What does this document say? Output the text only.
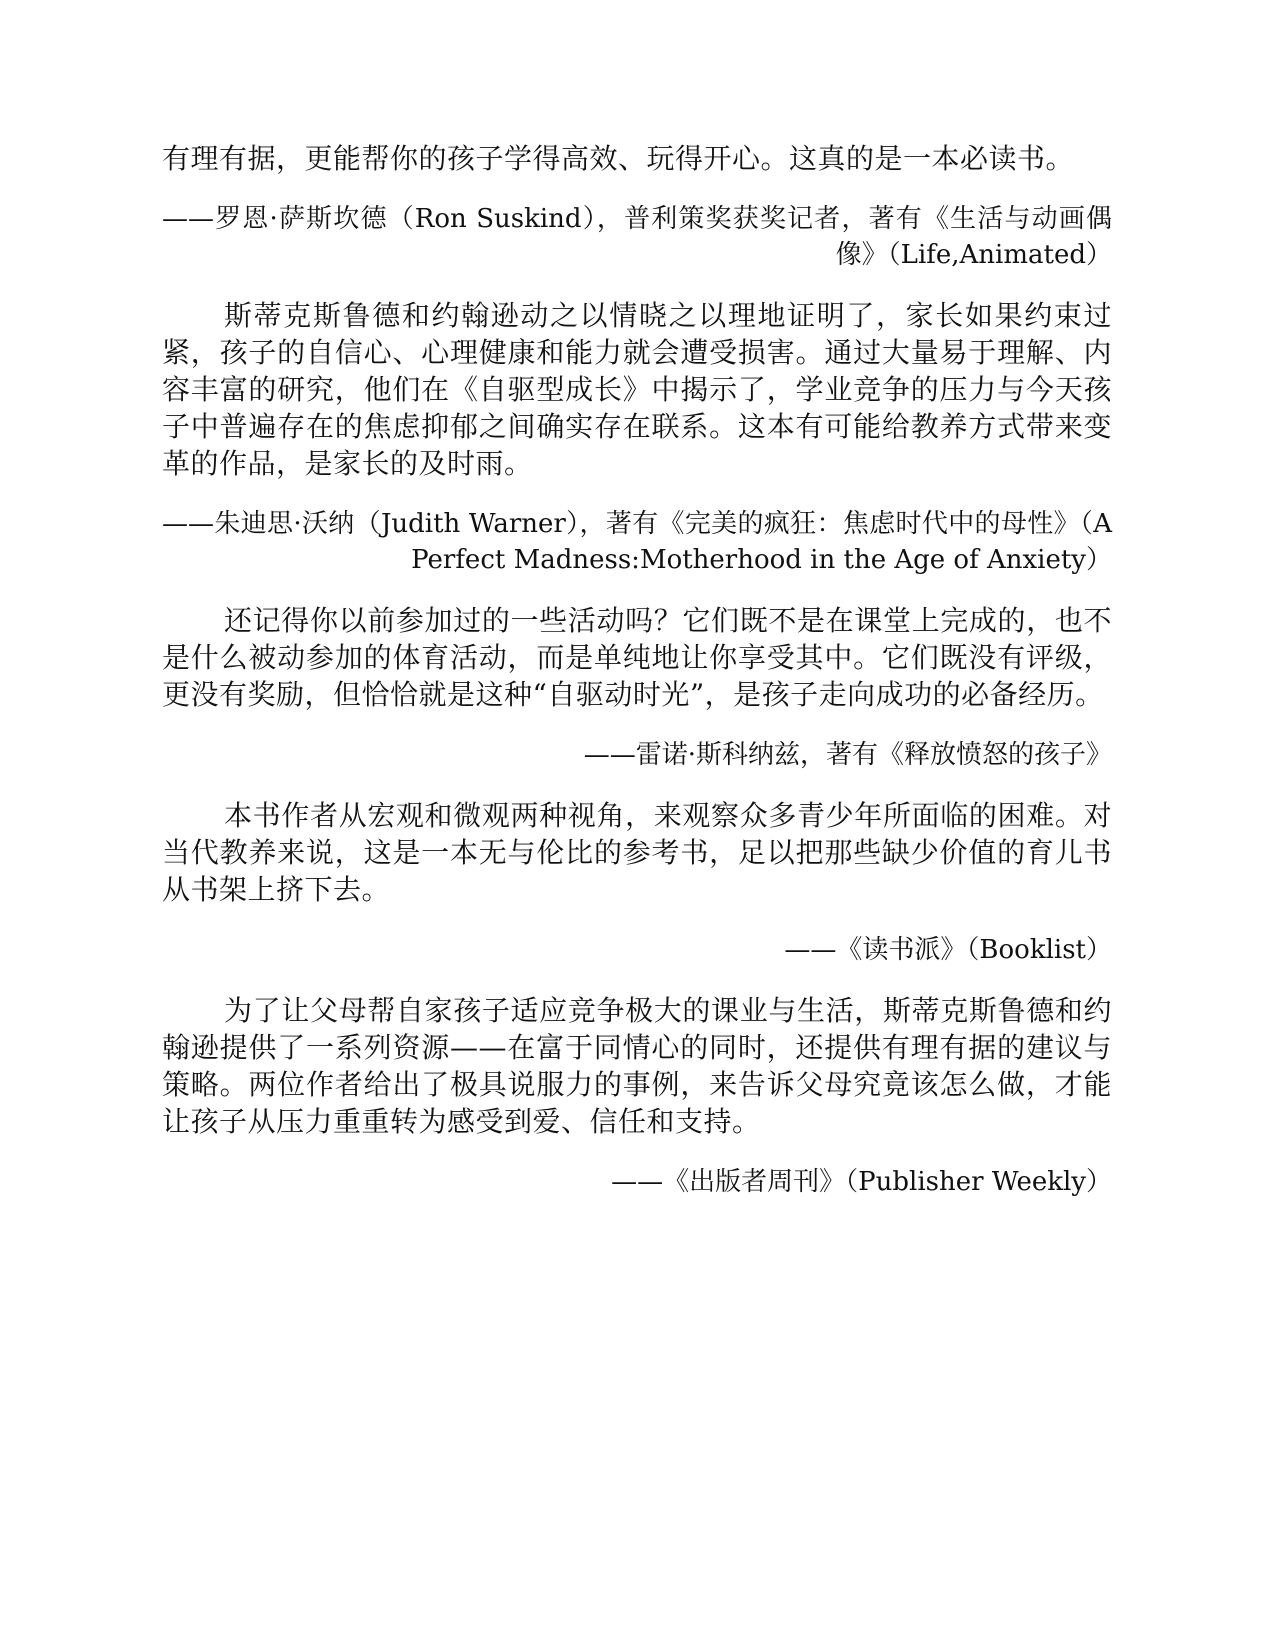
有理有据，更能帮你的孩子学得高效、玩得开心。这真的是一本必读书。

——罗恩·萨斯坎德（Ron Suskind），普利策奖获奖记者，著有《生活与动画偶像》（Life,Animated）

斯蒂克斯鲁德和约翰逊动之以情晓之以理地证明了，家长如果约束过紧，孩子的自信心、心理健康和能力就会遭受损害。通过大量易于理解、内容丰富的研究，他们在《自驱型成长》中揭示了，学业竞争的压力与今天孩子中普遍存在的焦虑抑郁之间确实存在联系。这本有可能给教养方式带来变革的作品，是家长的及时雨。

——朱迪思·沃纳（Judith Warner），著有《完美的疯狂：焦虑时代中的母性》（A Perfect Madness:Motherhood in the Age of Anxiety）

还记得你以前参加过的一些活动吗？它们既不是在课堂上完成的，也不是什么被动参加的体育活动，而是单纯地让你享受其中。它们既没有评级，更没有奖励，但恰恰就是这种“自驱动时光”，是孩子走向成功的必备经历。

——雷诺·斯科纳兹，著有《释放愤怒的孩子》

本书作者从宏观和微观两种视角，来观察众多青少年所面临的困难。对当代教养来说，这是一本无与伦比的参考书，足以把那些缺少价值的育儿书从书架上挤下去。

——《读书派》（Booklist）

为了让父母帮自家孩子适应竞争极大的课业与生活，斯蒂克斯鲁德和约翰逊提供了一系列资源——在富于同情心的同时，还提供有理有据的建议与策略。两位作者给出了极具说服力的事例，来告诉父母究竟该怎么做，才能让孩子从压力重重转为感受到爱、信任和支持。

——《出版者周刊》（Publisher Weekly）
